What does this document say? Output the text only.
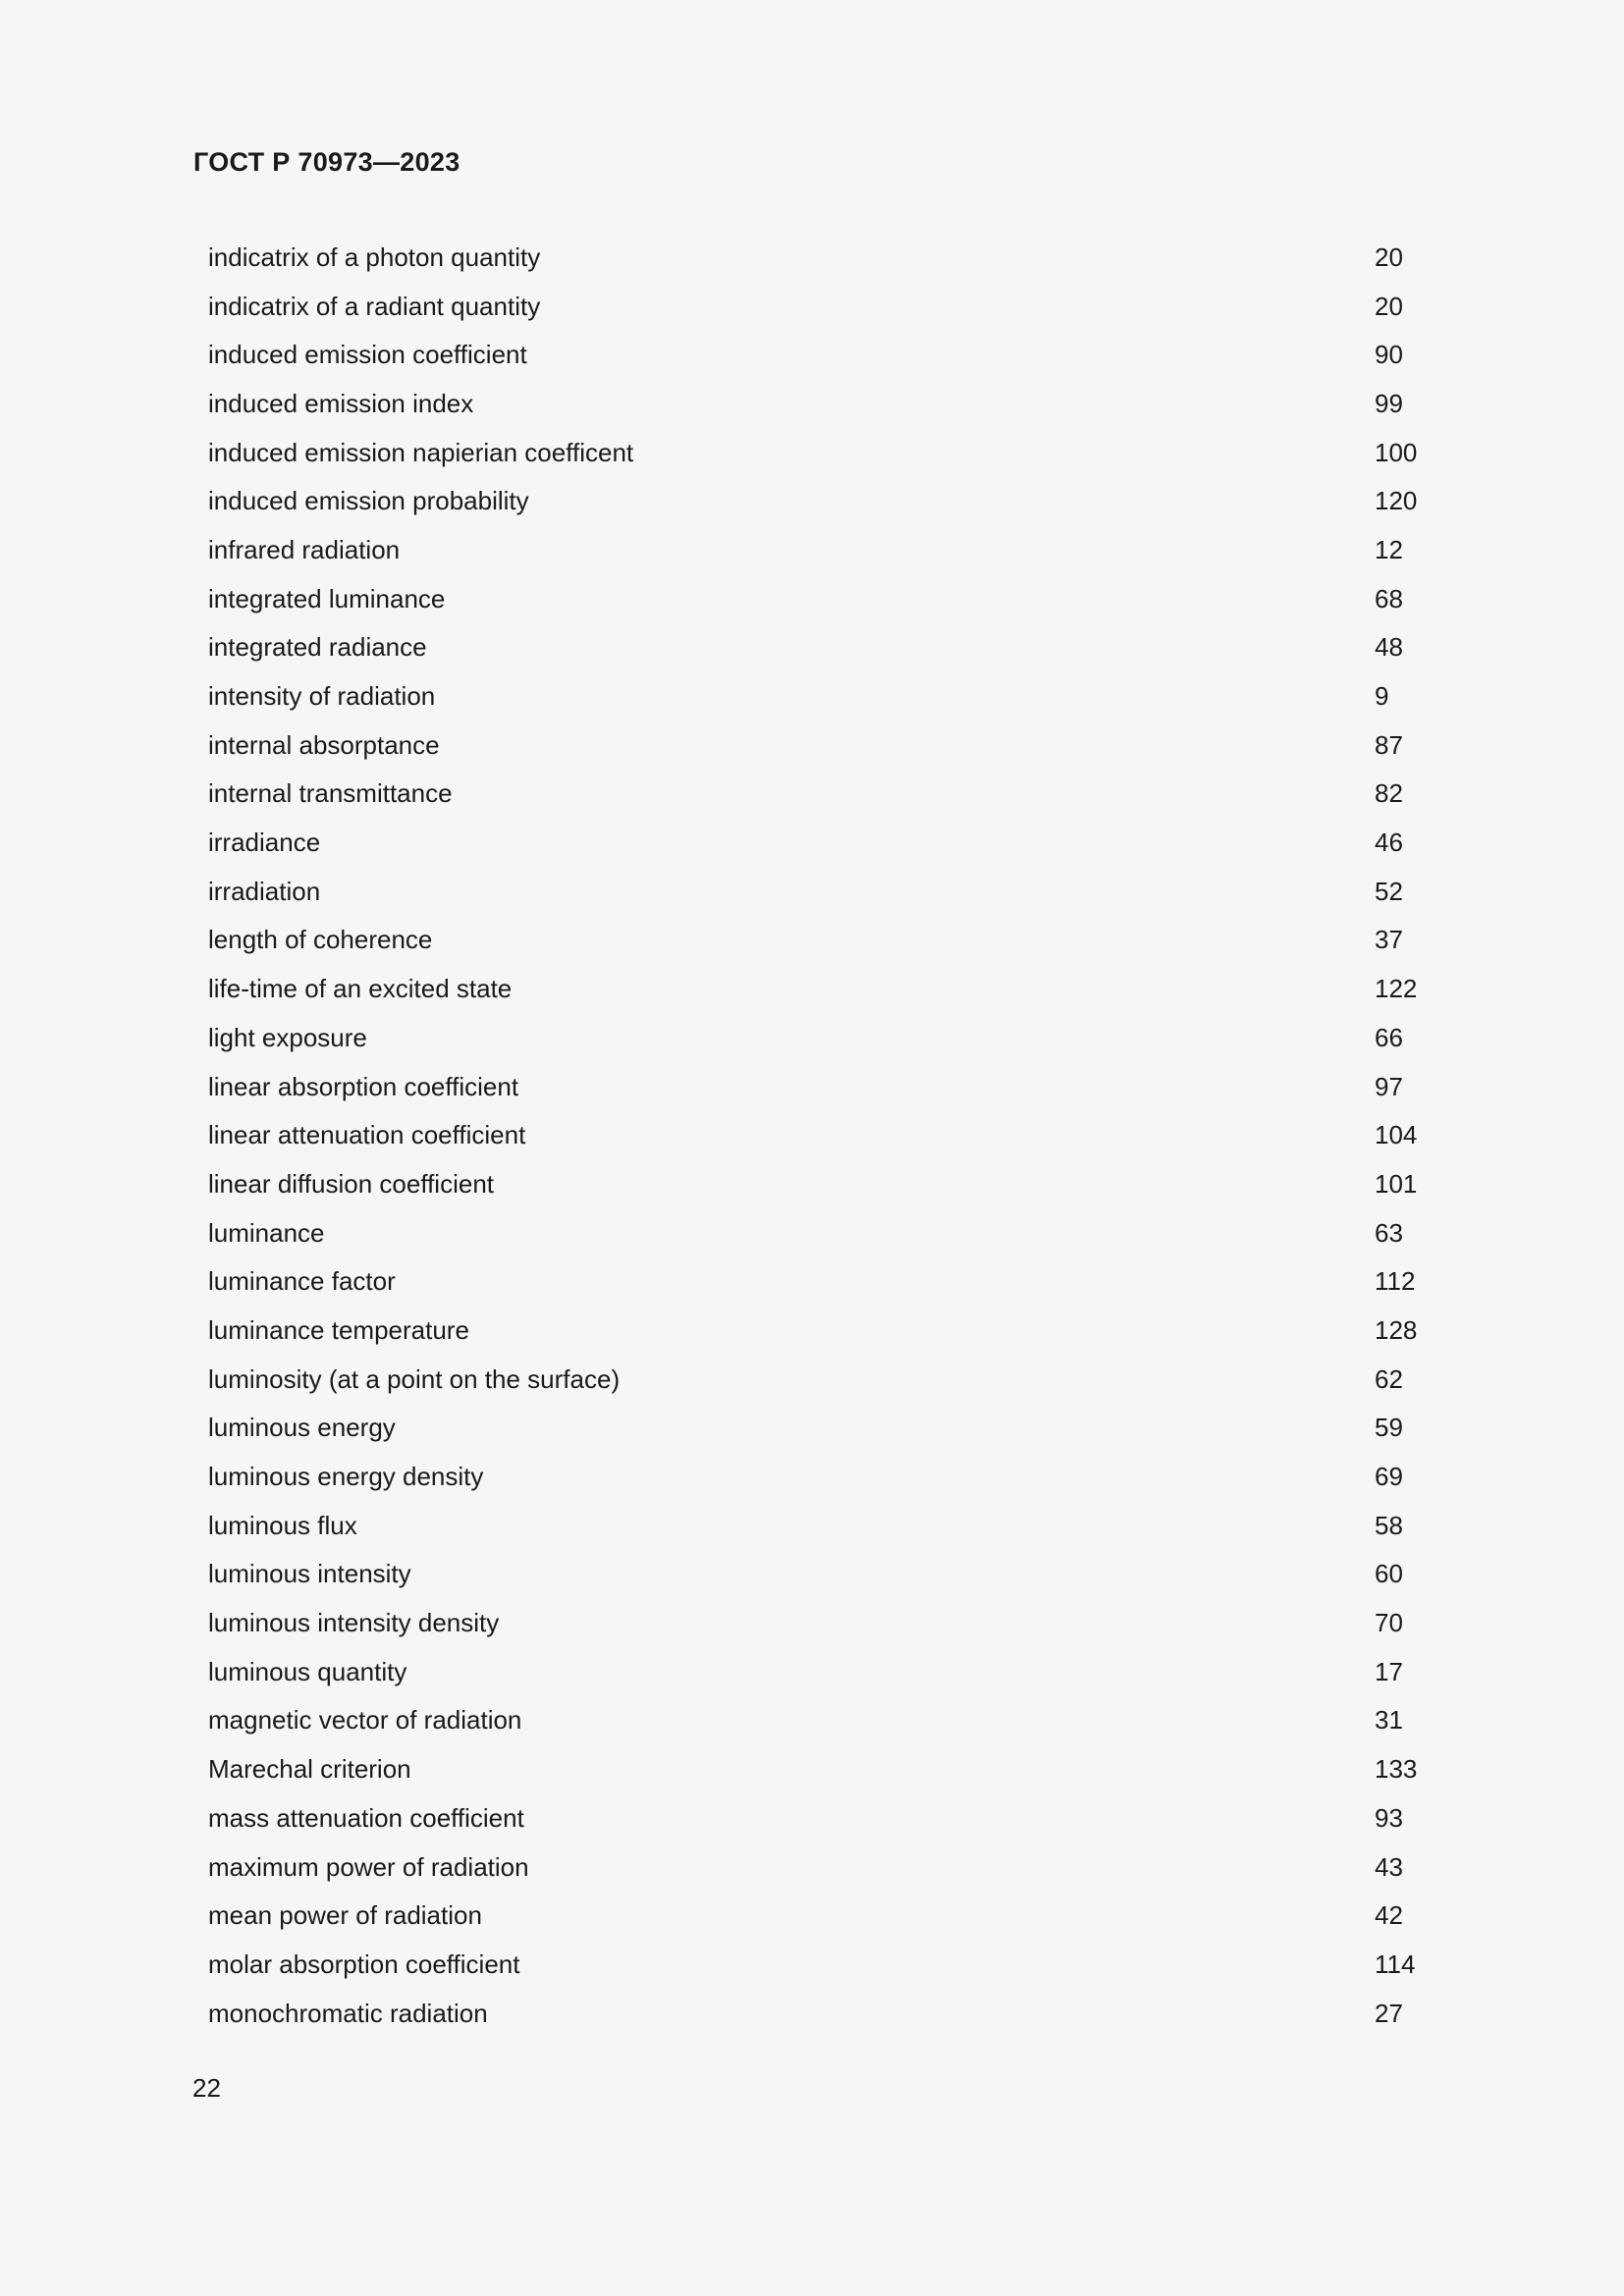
ГОСТ Р 70973—2023
indicatrix of a photon quantity	20
indicatrix of a radiant quantity	20
induced emission coefficient	90
induced emission index	99
induced emission napierian coefficent	100
induced emission probability	120
infrared radiation	12
integrated luminance	68
integrated radiance	48
intensity of radiation	9
internal absorptance	87
internal transmittance	82
irradiance	46
irradiation	52
length of coherence	37
life-time of an excited state	122
light exposure	66
linear absorption coefficient	97
linear attenuation coefficient	104
linear diffusion coefficient	101
luminance	63
luminance factor	112
luminance temperature	128
luminosity (at a point on the surface)	62
luminous energy	59
luminous energy density	69
luminous flux	58
luminous intensity	60
luminous intensity density	70
luminous quantity	17
magnetic vector of radiation	31
Marechal criterion	133
mass attenuation coefficient	93
maximum power of radiation	43
mean power of radiation	42
molar absorption coefficient	114
monochromatic radiation	27
22
